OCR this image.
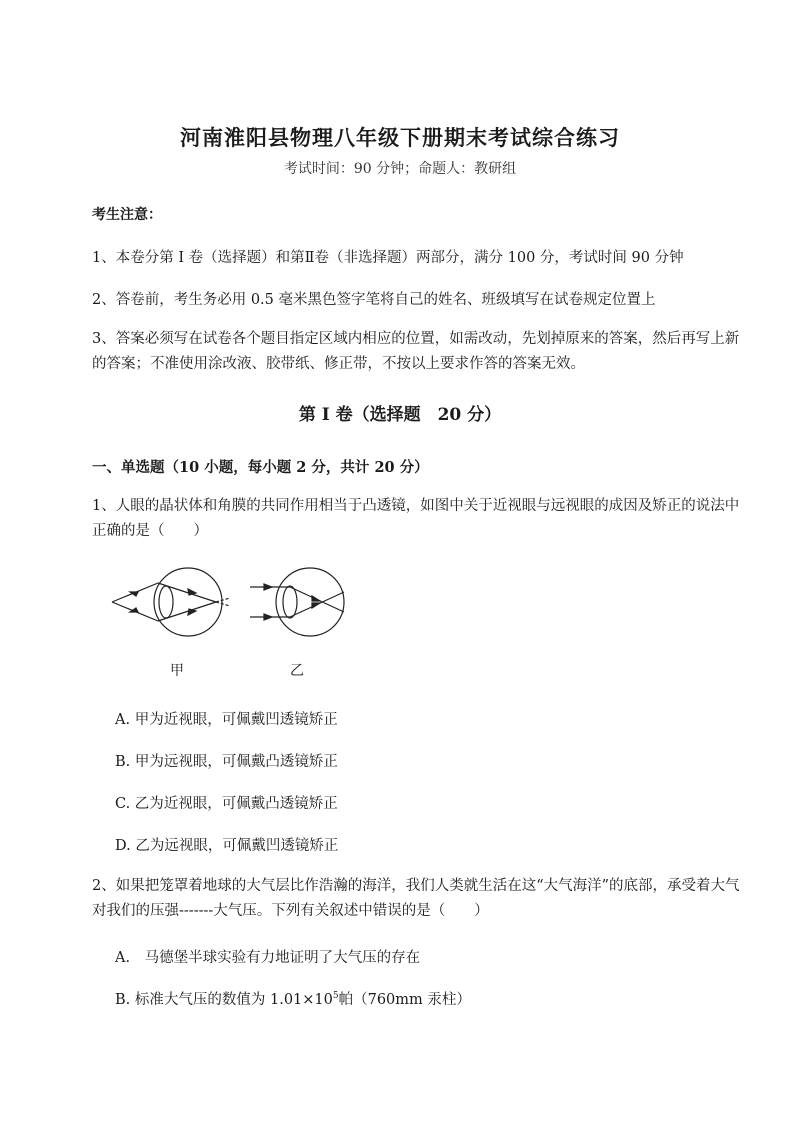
河南淮阳县物理八年级下册期末考试综合练习
考试时间：90 分钟；命题人：教研组
考生注意：
1、本卷分第 I 卷（选择题）和第Ⅱ卷（非选择题）两部分，满分 100 分，考试时间 90 分钟
2、答卷前，考生务必用 0.5 毫米黑色签字笔将自己的姓名、班级填写在试卷规定位置上
3、答案必须写在试卷各个题目指定区域内相应的位置，如需改动，先划掉原来的答案，然后再写上新的答案；不准使用涂改液、胶带纸、修正带，不按以上要求作答的答案无效。
第 I 卷（选择题　20 分）
一、单选题（10 小题，每小题 2 分，共计 20 分）
1、人眼的晶状体和角膜的共同作用相当于凸透镜，如图中关于近视眼与远视眼的成因及矫正的说法中正确的是（　　）
甲	乙
A. 甲为近视眼，可佩戴凹透镜矫正
B. 甲为远视眼，可佩戴凸透镜矫正
C. 乙为近视眼，可佩戴凸透镜矫正
D. 乙为远视眼，可佩戴凹透镜矫正
2、如果把笼罩着地球的大气层比作浩瀚的海洋，我们人类就生活在这“大气海洋”的底部，承受着大气对我们的压强-------大气压。下列有关叙述中错误的是（　　）
A.　马德堡半球实验有力地证明了大气压的存在
B. 标准大气压的数值为 $1.01\times 10^5$帕（760mm 汞柱）
